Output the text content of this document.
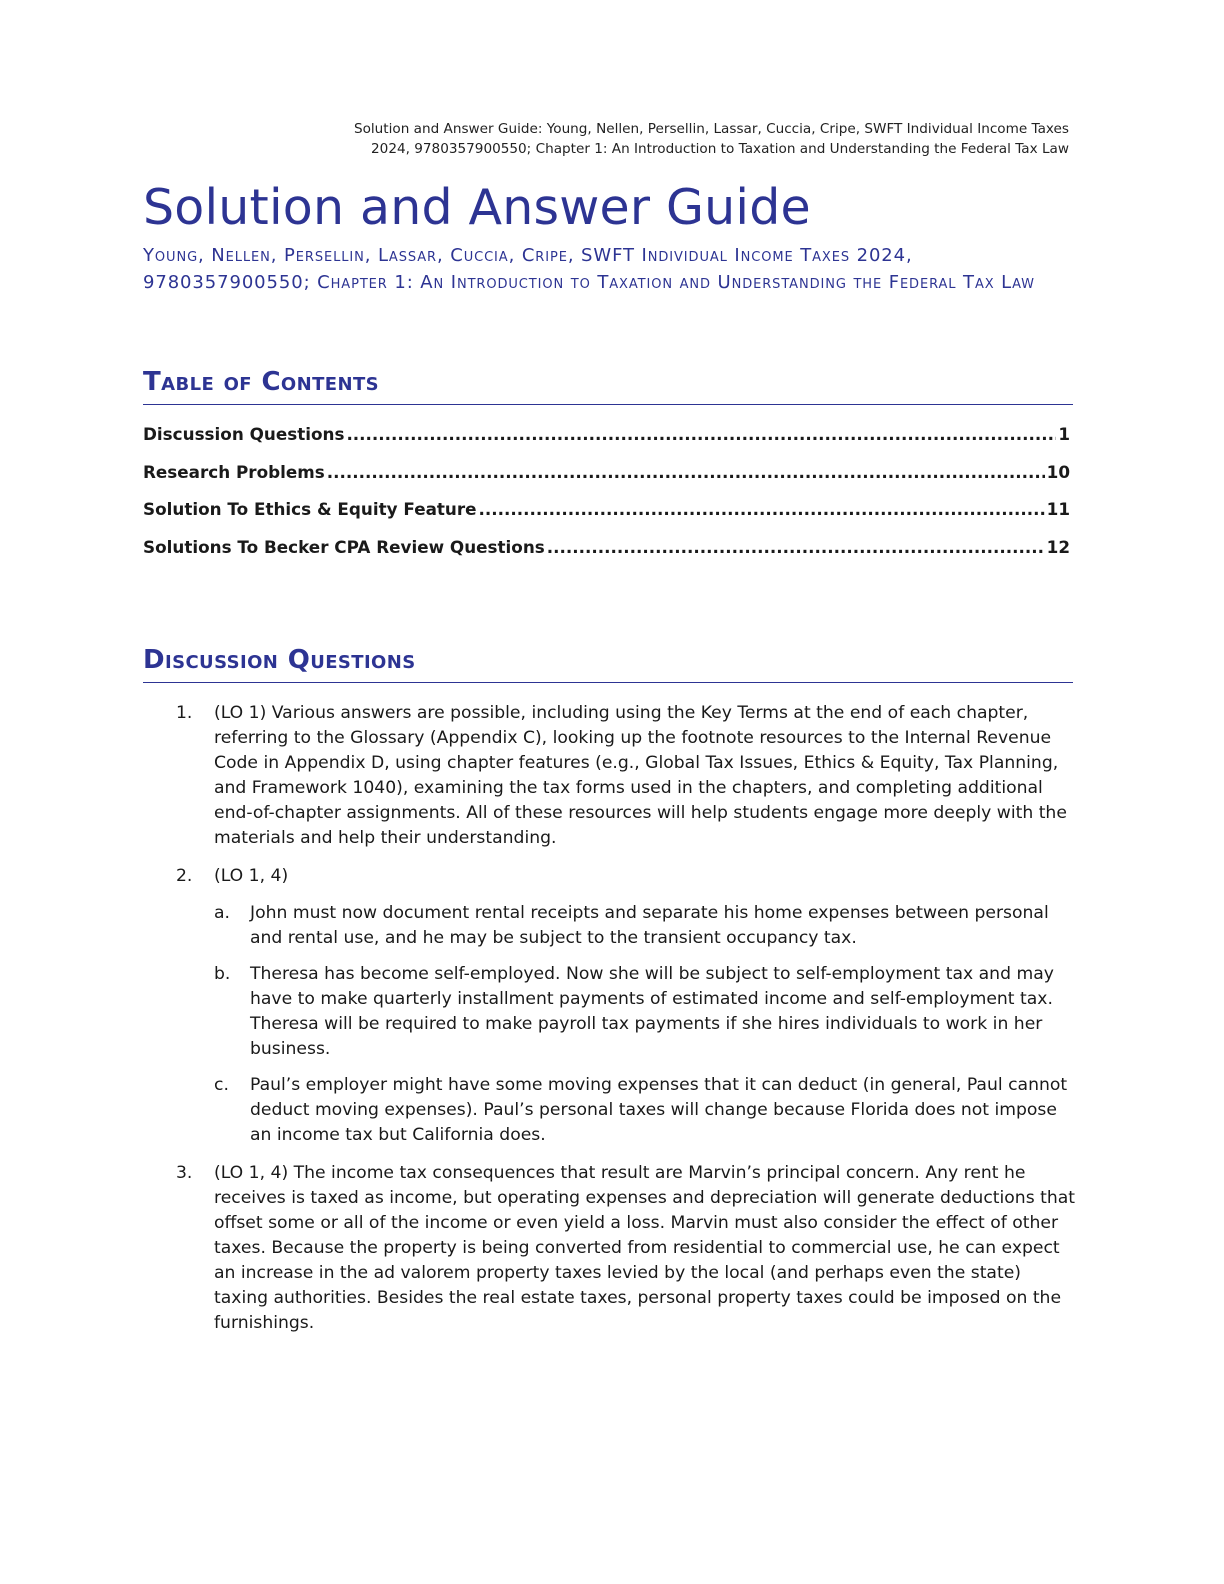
Solution and Answer Guide: Young, Nellen, Persellin, Lassar, Cuccia, Cripe, SWFT Individual Income Taxes
2024, 9780357900550; Chapter 1: An Introduction to Taxation and Understanding the Federal Tax Law
Solution and Answer Guide
Young, Nellen, Persellin, Lassar, Cuccia, Cripe, SWFT Individual Income Taxes 2024, 9780357900550; Chapter 1: An Introduction to Taxation and Understanding the Federal Tax Law
Table of Contents
Discussion Questions .....	1
Research Problems .....	10
Solution To Ethics & Equity Feature .....	11
Solutions To Becker CPA Review Questions .....	12
Discussion Questions
1. (LO 1) Various answers are possible, including using the Key Terms at the end of each chapter, referring to the Glossary (Appendix C), looking up the footnote resources to the Internal Revenue Code in Appendix D, using chapter features (e.g., Global Tax Issues, Ethics & Equity, Tax Planning, and Framework 1040), examining the tax forms used in the chapters, and completing additional end-of-chapter assignments. All of these resources will help students engage more deeply with the materials and help their understanding.
2. (LO 1, 4)
a. John must now document rental receipts and separate his home expenses between personal and rental use, and he may be subject to the transient occupancy tax.
b. Theresa has become self-employed. Now she will be subject to self-employment tax and may have to make quarterly installment payments of estimated income and self-employment tax. Theresa will be required to make payroll tax payments if she hires individuals to work in her business.
c. Paul’s employer might have some moving expenses that it can deduct (in general, Paul cannot deduct moving expenses). Paul’s personal taxes will change because Florida does not impose an income tax but California does.
3. (LO 1, 4) The income tax consequences that result are Marvin’s principal concern. Any rent he receives is taxed as income, but operating expenses and depreciation will generate deductions that offset some or all of the income or even yield a loss. Marvin must also consider the effect of other taxes. Because the property is being converted from residential to commercial use, he can expect an increase in the ad valorem property taxes levied by the local (and perhaps even the state) taxing authorities. Besides the real estate taxes, personal property taxes could be imposed on the furnishings.
